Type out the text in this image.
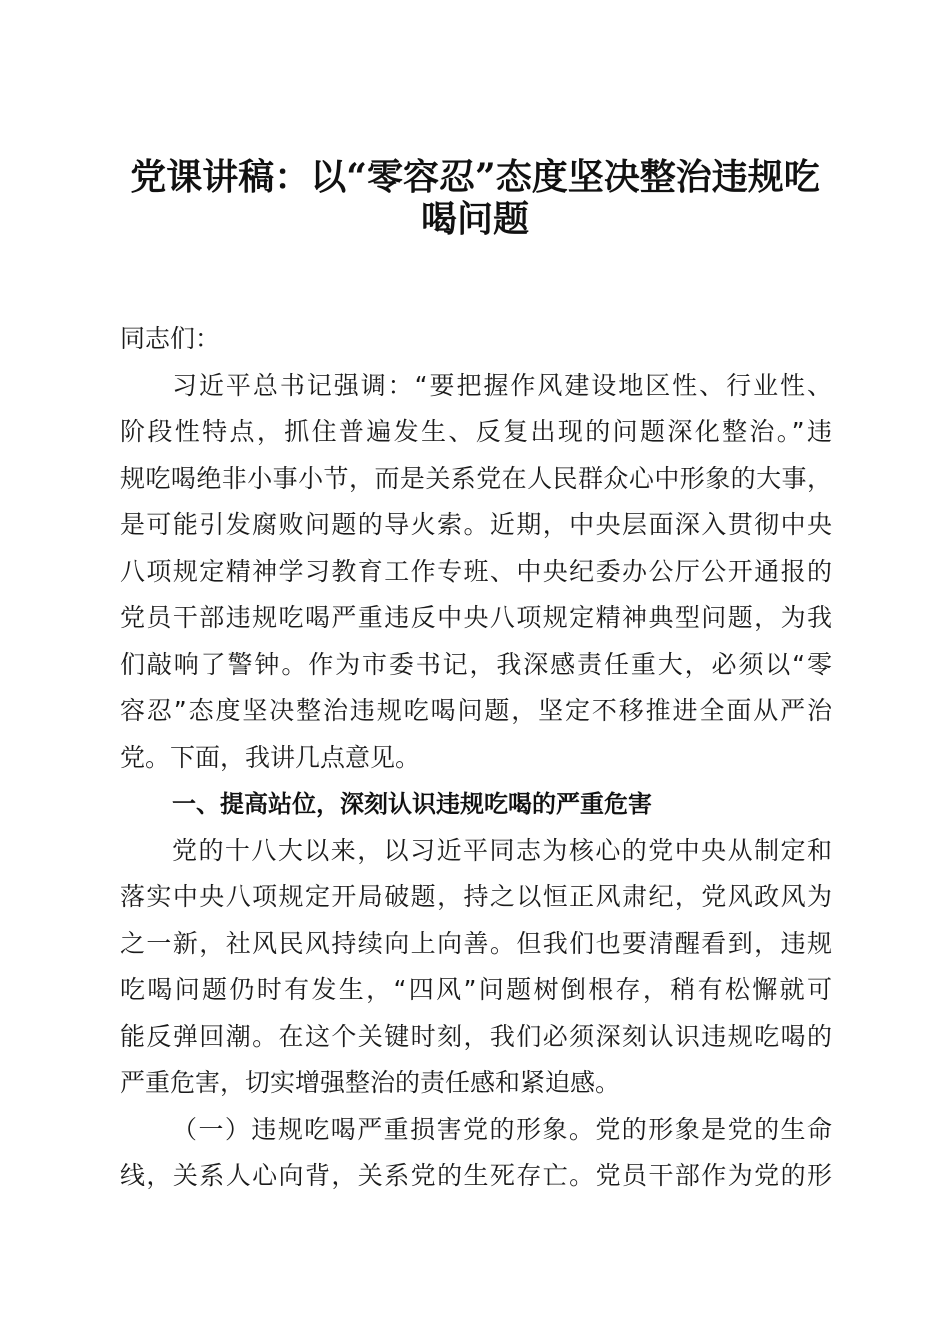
党课讲稿：以“零容忍”态度坚决整治违规吃
喝问题
同志们：
习近平总书记强调：“要把握作风建设地区性、行业性、
阶段性特点，抓住普遍发生、反复出现的问题深化整治。”违
规吃喝绝非小事小节，而是关系党在人民群众心中形象的大事，
是可能引发腐败问题的导火索。近期，中央层面深入贯彻中央
八项规定精神学习教育工作专班、中央纪委办公厅公开通报的
党员干部违规吃喝严重违反中央八项规定精神典型问题，为我
们敲响了警钟。作为市委书记，我深感责任重大，必须以“零
容忍”态度坚决整治违规吃喝问题，坚定不移推进全面从严治
党。下面，我讲几点意见。
一、提高站位，深刻认识违规吃喝的严重危害
党的十八大以来，以习近平同志为核心的党中央从制定和
落实中央八项规定开局破题，持之以恒正风肃纪，党风政风为
之一新，社风民风持续向上向善。但我们也要清醒看到，违规
吃喝问题仍时有发生，“四风”问题树倒根存，稍有松懈就可
能反弹回潮。在这个关键时刻，我们必须深刻认识违规吃喝的
严重危害，切实增强整治的责任感和紧迫感。
（一）违规吃喝严重损害党的形象。党的形象是党的生命
线，关系人心向背，关系党的生死存亡。党员干部作为党的形
